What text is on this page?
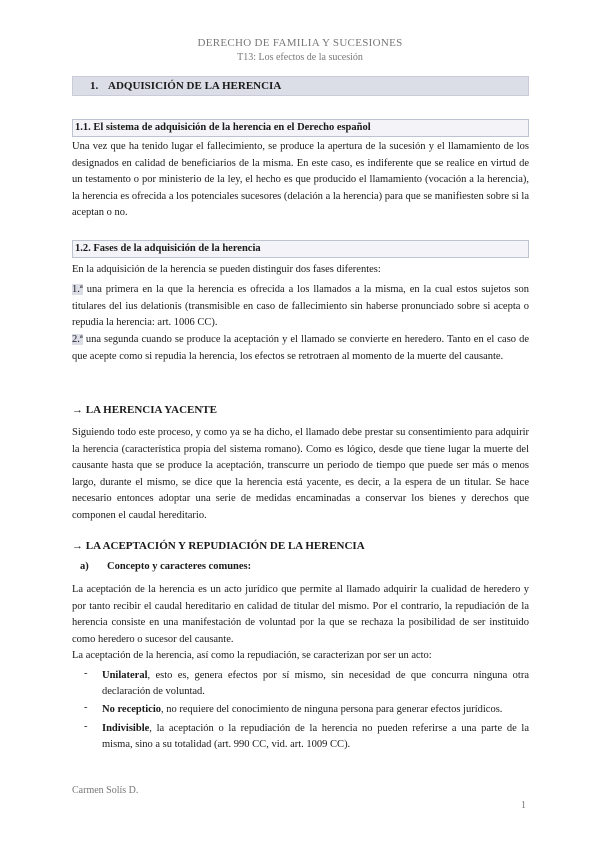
DERECHO DE FAMILIA Y SUCESIONES
T13: Los efectos de la sucesión
1. ADQUISICIÓN DE LA HERENCIA
1.1. El sistema de adquisición de la herencia en el Derecho español
Una vez que ha tenido lugar el fallecimiento, se produce la apertura de la sucesión y el llamamiento de los designados en calidad de beneficiarios de la misma. En este caso, es indiferente que se realice en virtud de un testamento o por ministerio de la ley, el hecho es que producido el llamamiento (vocación a la herencia), la herencia es ofrecida a los potenciales sucesores (delación a la herencia) para que se manifiesten sobre si la aceptan o no.
1.2. Fases de la adquisición de la herencia
En la adquisición de la herencia se pueden distinguir dos fases diferentes:
1.ª una primera en la que la herencia es ofrecida a los llamados a la misma, en la cual estos sujetos son titulares del ius delationis (transmisible en caso de fallecimiento sin haberse pronunciado sobre si acepta o repudia la herencia: art. 1006 CC).
2.ª una segunda cuando se produce la aceptación y el llamado se convierte en heredero. Tanto en el caso de que acepte como si repudia la herencia, los efectos se retrotraen al momento de la muerte del causante.
→ LA HERENCIA YACENTE
Siguiendo todo este proceso, y como ya se ha dicho, el llamado debe prestar su consentimiento para adquirir la herencia (característica propia del sistema romano). Como es lógico, desde que tiene lugar la muerte del causante hasta que se produce la aceptación, transcurre un periodo de tiempo que puede ser más o menos largo, durante el mismo, se dice que la herencia está yacente, es decir, a la espera de un titular. Se hace necesario entonces adoptar una serie de medidas encaminadas a conservar los bienes y derechos que componen el caudal hereditario.
→ LA ACEPTACIÓN Y REPUDIACIÓN DE LA HERENCIA
a) Concepto y caracteres comunes:
La aceptación de la herencia es un acto jurídico que permite al llamado adquirir la cualidad de heredero y por tanto recibir el caudal hereditario en calidad de titular del mismo. Por el contrario, la repudiación de la herencia consiste en una manifestación de voluntad por la que se rechaza la posibilidad de ser instituido como heredero o sucesor del causante.
La aceptación de la herencia, así como la repudiación, se caracterizan por ser un acto:
- Unilateral, esto es, genera efectos por sí mismo, sin necesidad de que concurra ninguna otra declaración de voluntad.
- No recepticio, no requiere del conocimiento de ninguna persona para generar efectos jurídicos.
- Indivisible, la aceptación o la repudiación de la herencia no pueden referirse a una parte de la misma, sino a su totalidad (art. 990 CC, vid. art. 1009 CC).
Carmen Solís D.
1
